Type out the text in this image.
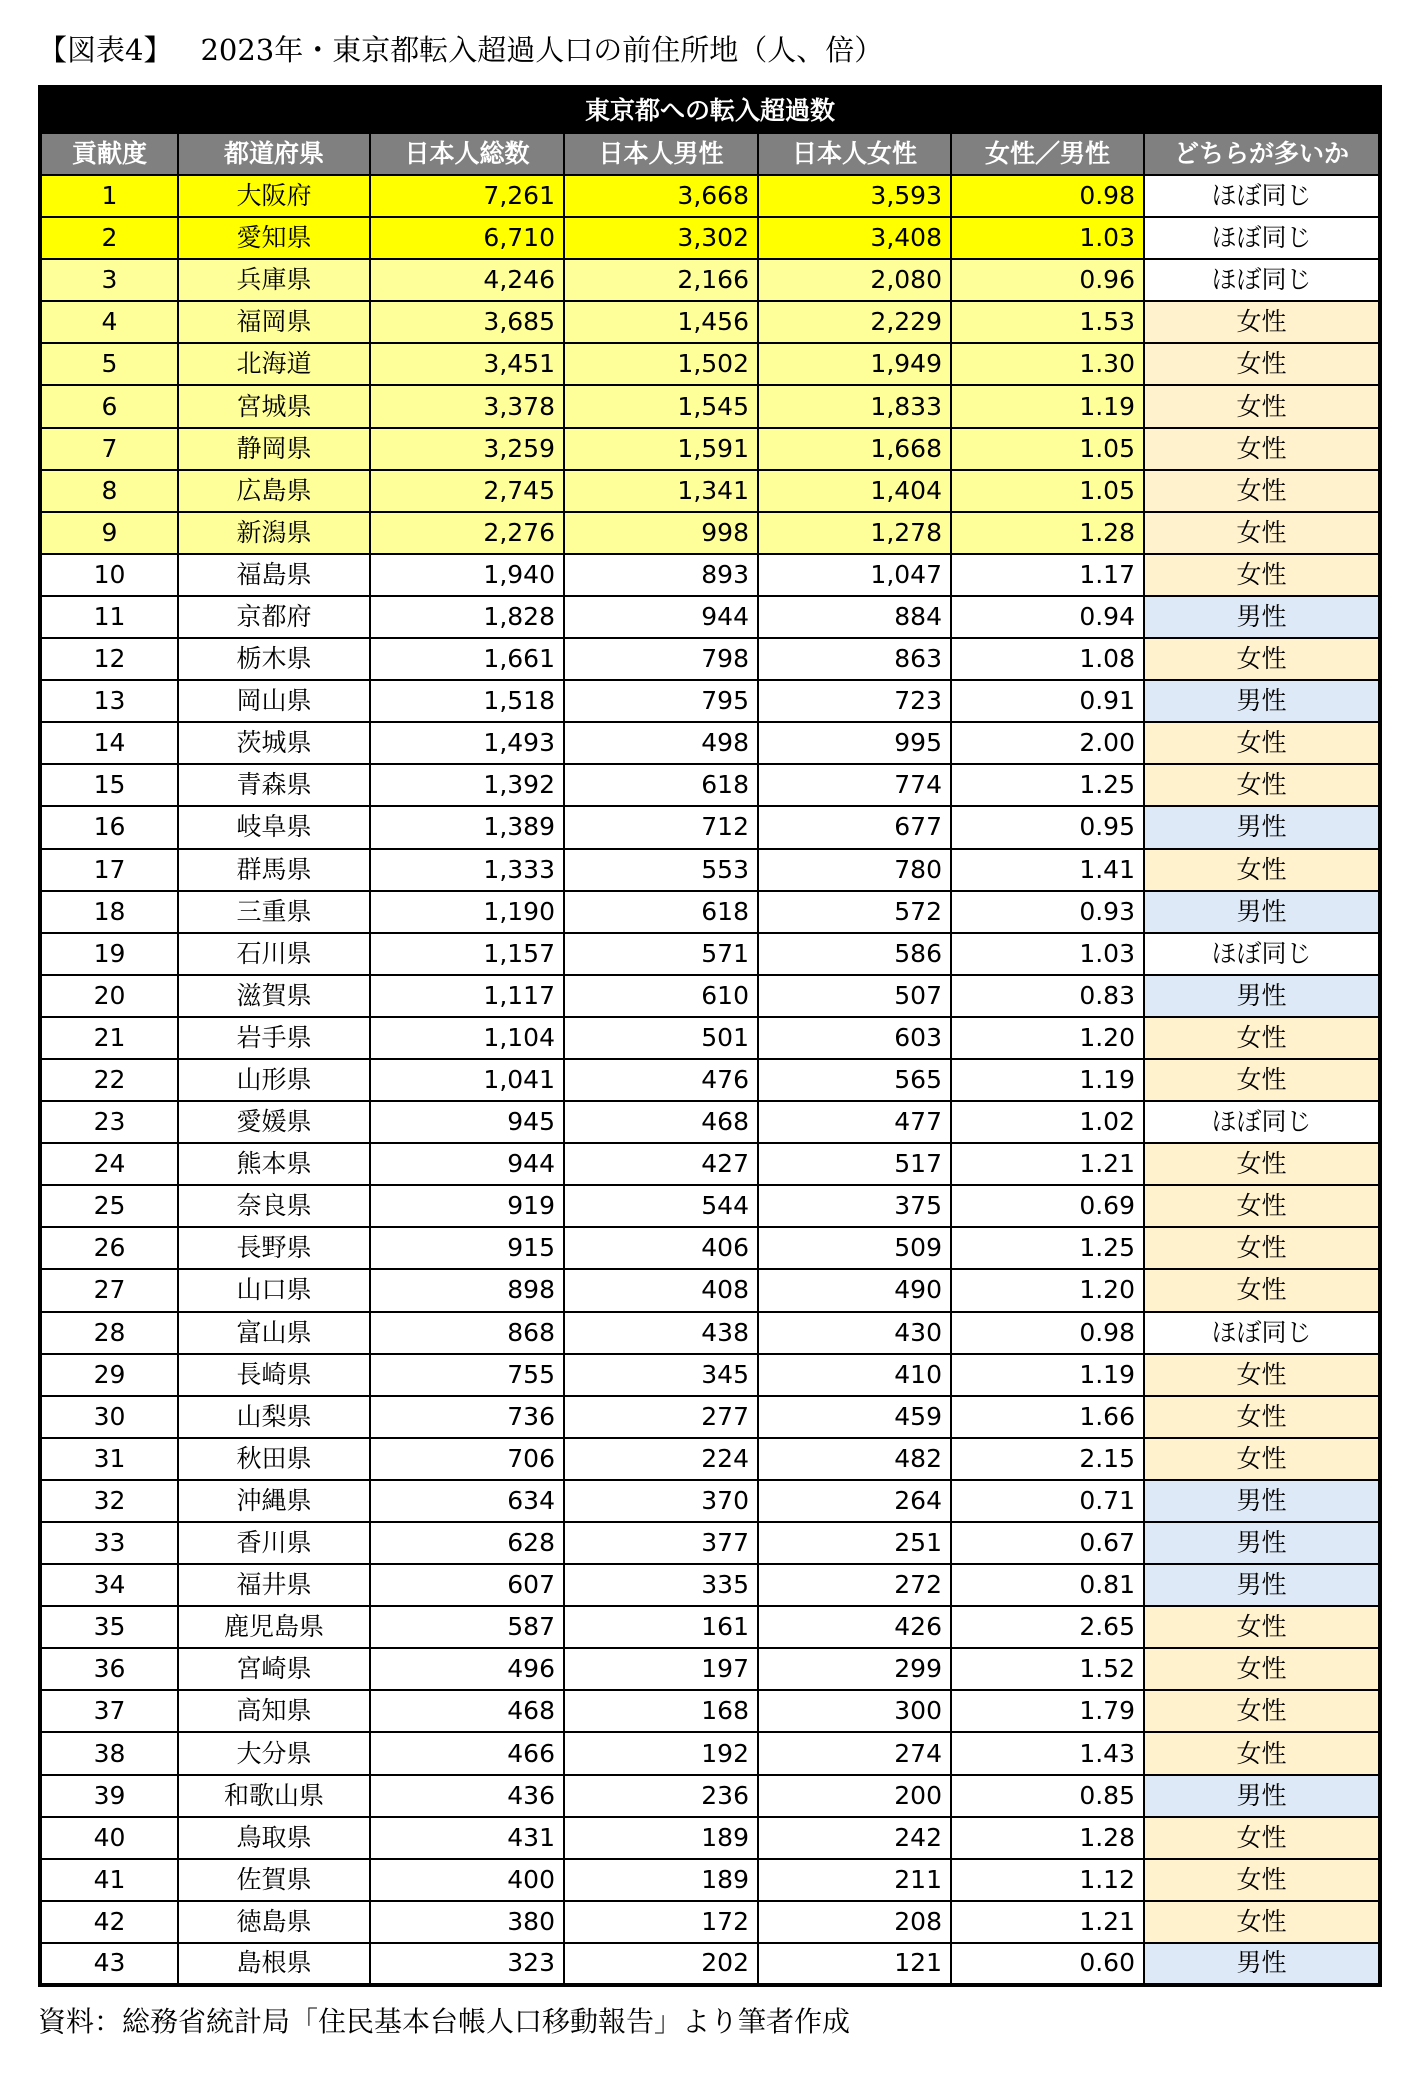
【図表4】 2023年・東京都転入超過人口の前住所地（人、倍）
東京都への転入超過数						
貢献度	都道府県	日本人総数	日本人男性	日本人女性	女性／男性	どちらが多いか
1	大阪府	7,261	3,668	3,593	0.98	ほぼ同じ
2	愛知県	6,710	3,302	3,408	1.03	ほぼ同じ
3	兵庫県	4,246	2,166	2,080	0.96	ほぼ同じ
4	福岡県	3,685	1,456	2,229	1.53	女性
5	北海道	3,451	1,502	1,949	1.30	女性
6	宮城県	3,378	1,545	1,833	1.19	女性
7	静岡県	3,259	1,591	1,668	1.05	女性
8	広島県	2,745	1,341	1,404	1.05	女性
9	新潟県	2,276	998	1,278	1.28	女性
10	福島県	1,940	893	1,047	1.17	女性
11	京都府	1,828	944	884	0.94	男性
12	栃木県	1,661	798	863	1.08	女性
13	岡山県	1,518	795	723	0.91	男性
14	茨城県	1,493	498	995	2.00	女性
15	青森県	1,392	618	774	1.25	女性
16	岐阜県	1,389	712	677	0.95	男性
17	群馬県	1,333	553	780	1.41	女性
18	三重県	1,190	618	572	0.93	男性
19	石川県	1,157	571	586	1.03	ほぼ同じ
20	滋賀県	1,117	610	507	0.83	男性
21	岩手県	1,104	501	603	1.20	女性
22	山形県	1,041	476	565	1.19	女性
23	愛媛県	945	468	477	1.02	ほぼ同じ
24	熊本県	944	427	517	1.21	女性
25	奈良県	919	544	375	0.69	女性
26	長野県	915	406	509	1.25	女性
27	山口県	898	408	490	1.20	女性
28	富山県	868	438	430	0.98	ほぼ同じ
29	長崎県	755	345	410	1.19	女性
30	山梨県	736	277	459	1.66	女性
31	秋田県	706	224	482	2.15	女性
32	沖縄県	634	370	264	0.71	男性
33	香川県	628	377	251	0.67	男性
34	福井県	607	335	272	0.81	男性
35	鹿児島県	587	161	426	2.65	女性
36	宮崎県	496	197	299	1.52	女性
37	高知県	468	168	300	1.79	女性
38	大分県	466	192	274	1.43	女性
39	和歌山県	436	236	200	0.85	男性
40	鳥取県	431	189	242	1.28	女性
41	佐賀県	400	189	211	1.12	女性
42	徳島県	380	172	208	1.21	女性
43	島根県	323	202	121	0.60	男性
資料：総務省統計局「住民基本台帳人口移動報告」より筆者作成
